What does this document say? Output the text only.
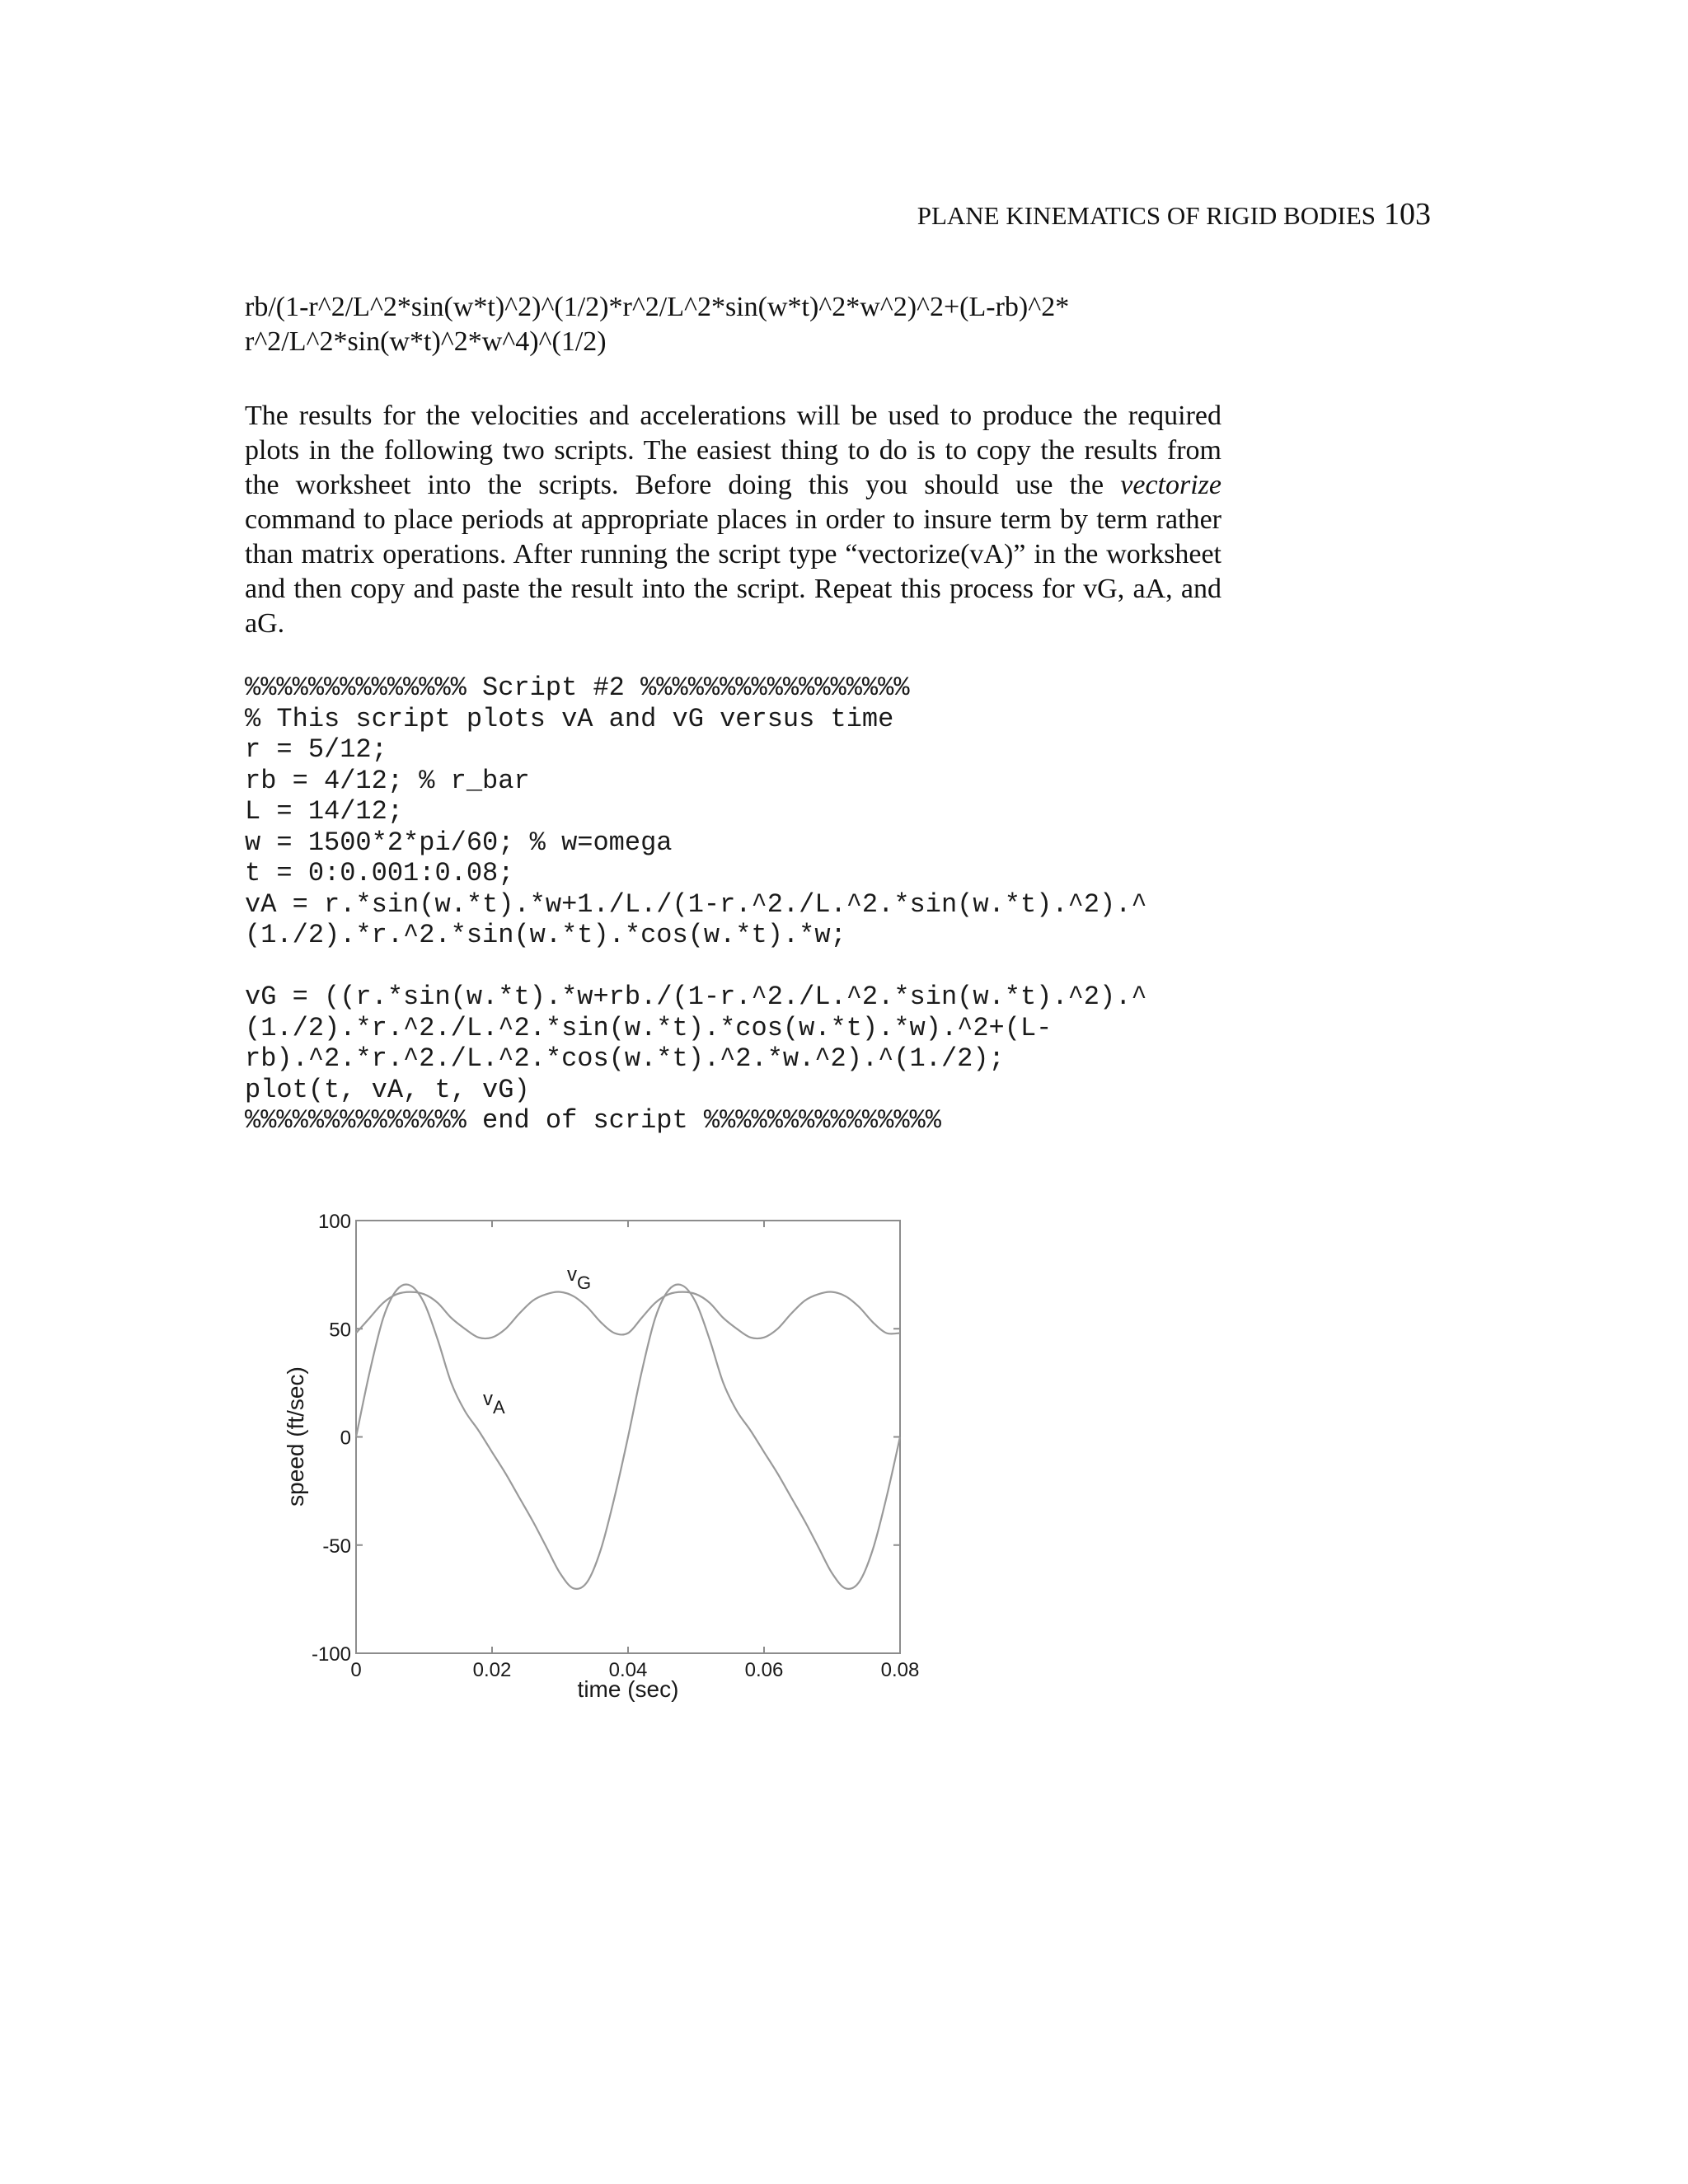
PLANE KINEMATICS OF RIGID BODIES 103
rb/(1-r^2/L^2*sin(w*t)^2)^(1/2)*r^2/L^2*sin(w*t)^2*w^2)^2+(L-rb)^2*
r^2/L^2*sin(w*t)^2*w^4)^(1/2)
The results for the velocities and accelerations will be used to produce the required plots in the following two scripts. The easiest thing to do is to copy the results from the worksheet into the scripts. Before doing this you should use the vectorize command to place periods at appropriate places in order to insure term by term rather than matrix operations. After running the script type “vectorize(vA)” in the worksheet and then copy and paste the result into the script. Repeat this process for vG, aA, and aG.
%%%%%%%%%%%%%% Script #2 %%%%%%%%%%%%%%%%%
% This script plots vA and vG versus time
r = 5/12;
rb = 4/12; % r_bar
L = 14/12;
w = 1500*2*pi/60; % w=omega
t = 0:0.001:0.08;
vA = r.*sin(w.*t).*w+1./L./(1-r.^2./L.^2.*sin(w.*t).^2).^
(1./2).*r.^2.*sin(w.*t).*cos(w.*t).*w;
vG = ((r.*sin(w.*t).*w+rb./(1-r.^2./L.^2.*sin(w.*t).^2).^
(1./2).*r.^2./L.^2.*sin(w.*t).*cos(w.*t).*w).^2+(L-
rb).^2.*r.^2./L.^2.*cos(w.*t).^2.*w.^2).^(1./2);
plot(t, vA, t, vG)
%%%%%%%%%%%%%% end of script %%%%%%%%%%%%%%%
100
50
0
-50
-100
0	0.02	0.04	0.06	0.08
time (sec)
speed (ft/sec)
vG
vA
